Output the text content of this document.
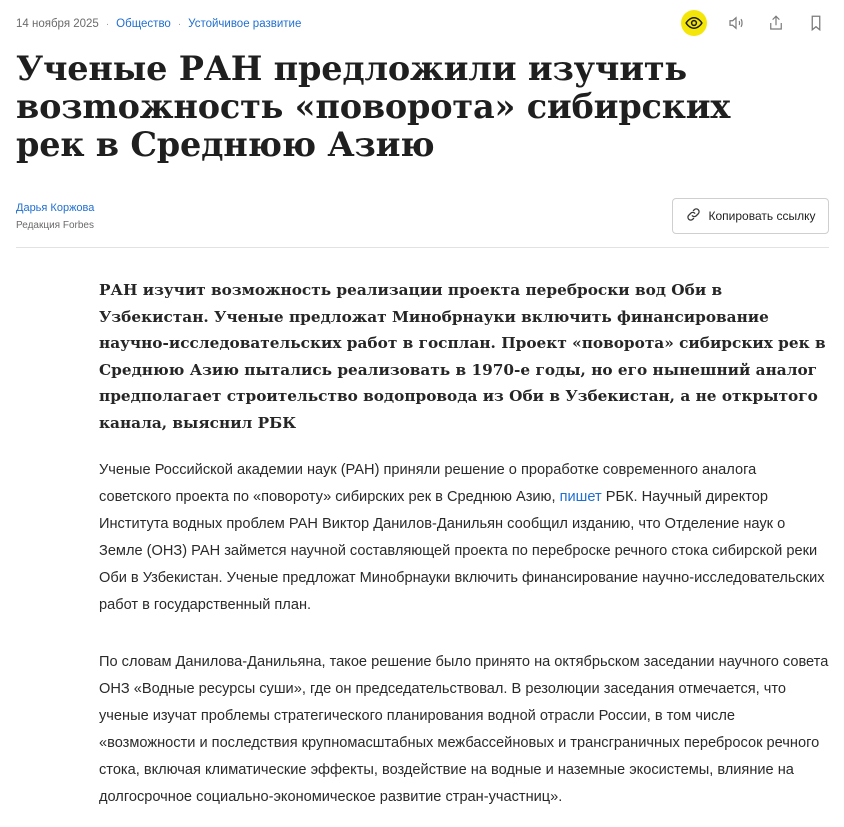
14 ноября 2025 · Общество · Устойчивое развитие
Ученые РАН предложили изучить возmожность «поворота» сибирских рек в Среднюю Азию
Дарья Коржова
Редакция Forbes
Копировать ссылку

РАН изучит возможность реализации проекта переброски вод Оби в Узбекистан. Ученые предложат Минобрнауки включить финансирование научно-исследовательских работ в госплан. Проект «поворота» сибирских рек в Среднюю Азию пытались реализовать в 1970-е годы, но его нынешний аналог предполагает строительство водопровода из Оби в Узбекистан, а не открытого канала, выяснил РБК

Ученые Российской академии наук (РАН) приняли решение о проработке современного аналога советского проекта по «повороту» сибирских рек в Среднюю Азию, пишет РБК. Научный директор Института водных проблем РАН Виктор Данилов-Данильян сообщил изданию, что Отделение наук о Земле (ОНЗ) РАН займется научной составляющей проекта по переброске речного стока сибирской реки Оби в Узбекистан. Ученые предложат Минобрнауки включить финансирование научно-исследовательских работ в государственный план.

По словам Данилова-Данильяна, такое решение было принято на октябрьском заседании научного совета ОНЗ «Водные ресурсы суши», где он председательствовал. В резолюции заседания отмечается, что ученые изучат проблемы стратегического планирования водной отрасли России, в том числе «возможности и последствия крупномасштабных межбассейновых и трансграничных перебросок речного стока, включая климатические эффекты, воздействие на водные и наземные экосистемы, влияние на долгосрочное социально-экономическое развитие стран-участниц».
